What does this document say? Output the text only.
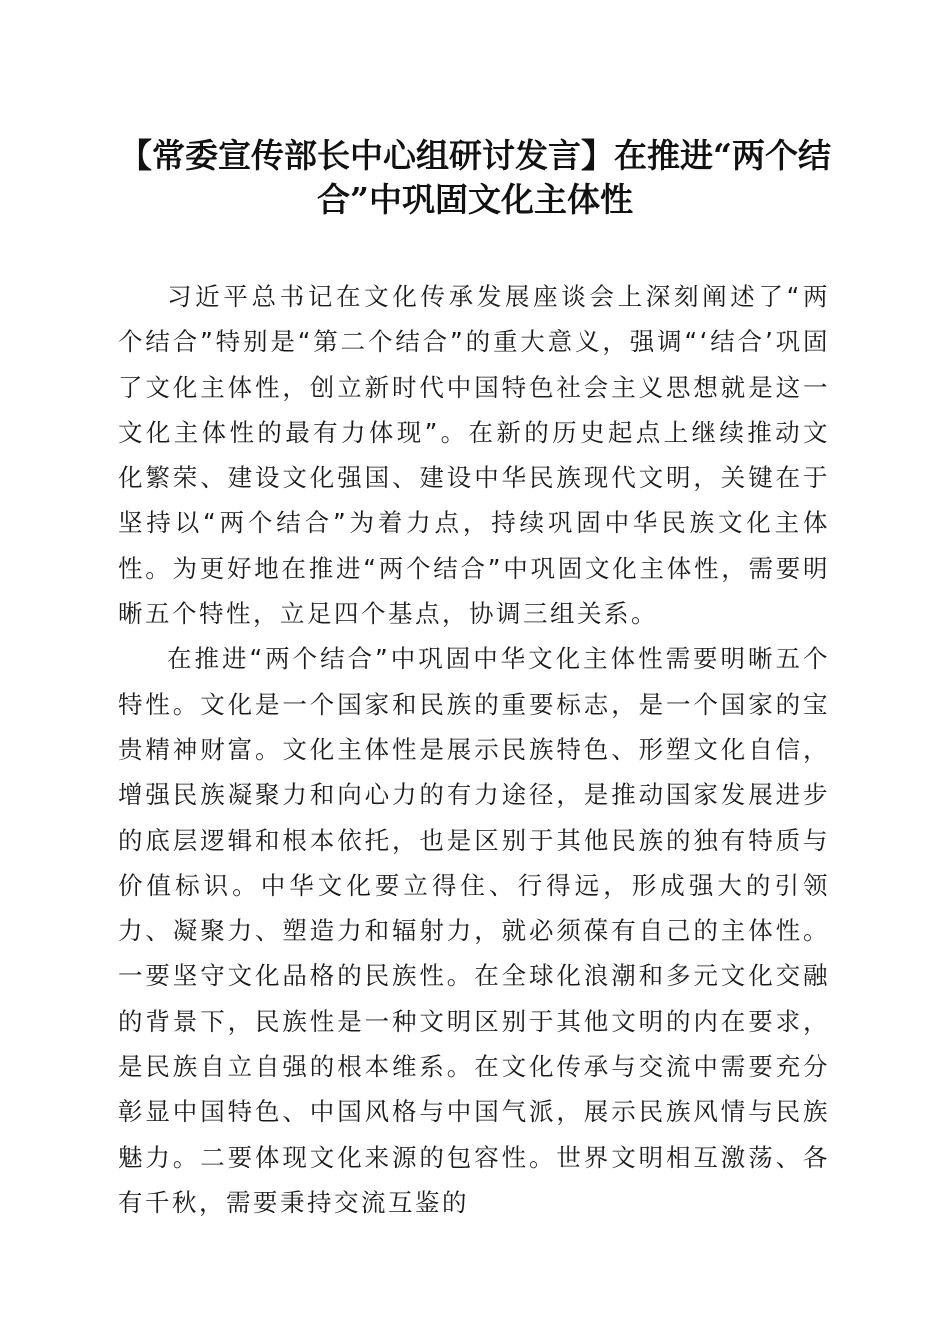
【常委宣传部长中心组研讨发言】在推进“两个结合”中巩固文化主体性

习近平总书记在文化传承发展座谈会上深刻阐述了“两个结合”特别是“第二个结合”的重大意义，强调“‘结合’巩固了文化主体性，创立新时代中国特色社会主义思想就是这一文化主体性的最有力体现”。在新的历史起点上继续推动文化繁荣、建设文化强国、建设中华民族现代文明，关键在于坚持以“两个结合”为着力点，持续巩固中华民族文化主体性。为更好地在推进“两个结合”中巩固文化主体性，需要明晰五个特性，立足四个基点，协调三组关系。

在推进“两个结合”中巩固中华文化主体性需要明晰五个特性。文化是一个国家和民族的重要标志，是一个国家的宝贵精神财富。文化主体性是展示民族特色、形塑文化自信，增强民族凝聚力和向心力的有力途径，是推动国家发展进步的底层逻辑和根本依托，也是区别于其他民族的独有特质与价值标识。中华文化要立得住、行得远，形成强大的引领力、凝聚力、塑造力和辐射力，就必须葆有自己的主体性。一要坚守文化品格的民族性。在全球化浪潮和多元文化交融的背景下，民族性是一种文明区别于其他文明的内在要求，是民族自立自强的根本维系。在文化传承与交流中需要充分彰显中国特色、中国风格与中国气派，展示民族风情与民族魅力。二要体现文化来源的包容性。世界文明相互激荡、各有千秋，需要秉持交流互鉴的
